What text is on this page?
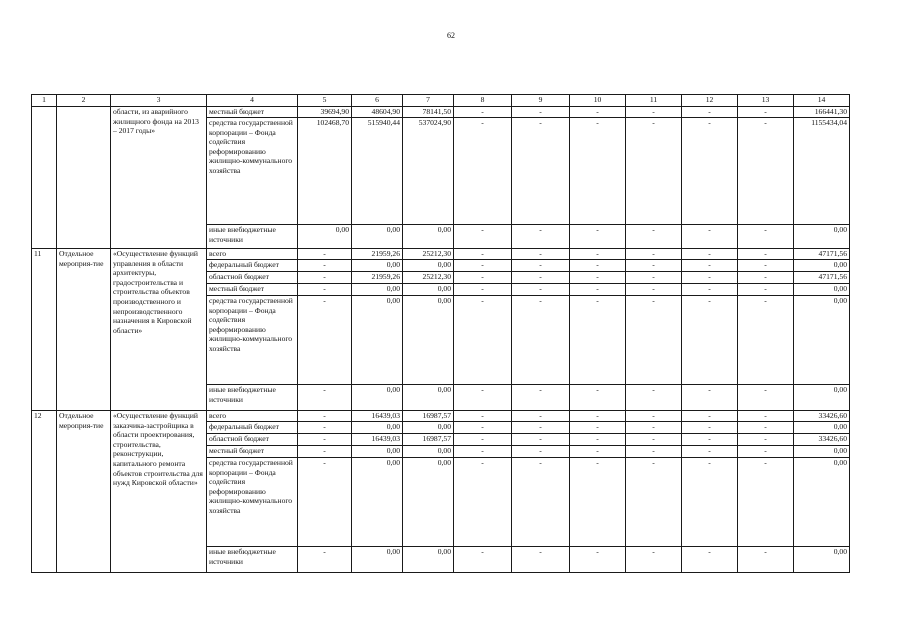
62
1	2	3	4	5	6	7	8	9	10	11	12	13	14
		области, из аварийного жилищного фонда на 2013 – 2017 годы»	местный бюджет	39694,90	48604,90	78141,50	-	-	-	-	-	-	166441,30
			средства государственной корпорации – Фонда содействия реформированию жилищно-коммунального хозяйства	102468,70	515940,44	537024,90	-	-	-	-	-	-	1155434,04
			иные внебюджетные источники	0,00	0,00	0,00	-	-	-	-	-	-	0,00
11	Отдельное мероприя-тие	«Осуществление функций управления в области архитектуры, градостроительства и строительства объектов производственного и непроизводственного назначения в Кировской области»	всего	-	21959,26	25212,30	-	-	-	-	-	-	47171,56
			федеральный бюджет	-	0,00	0,00	-	-	-	-	-	-	0,00
			областной бюджет	-	21959,26	25212,30	-	-	-	-	-	-	47171,56
			местный бюджет	-	0,00	0,00	-	-	-	-	-	-	0,00
			средства государственной корпорации – Фонда содействия реформированию жилищно-коммунального хозяйства	-	0,00	0,00	-	-	-	-	-	-	0,00
			иные внебюджетные источники	-	0,00	0,00	-	-	-	-	-	-	0,00
12	Отдельное мероприя-тие	«Осуществление функций заказчика-застройщика в области проектирования, строительства, реконструкции, капитального ремонта объектов строительства для нужд Кировской области»	всего	-	16439,03	16987,57	-	-	-	-	-	-	33426,60
			федеральный бюджет	-	0,00	0,00	-	-	-	-	-	-	0,00
			областной бюджет	-	16439,03	16987,57	-	-	-	-	-	-	33426,60
			местный бюджет	-	0,00	0,00	-	-	-	-	-	-	0,00
			средства государственной корпорации – Фонда содействия реформированию жилищно-коммунального хозяйства	-	0,00	0,00	-	-	-	-	-	-	0,00
			иные внебюджетные источники	-	0,00	0,00	-	-	-	-	-	-	0,00
